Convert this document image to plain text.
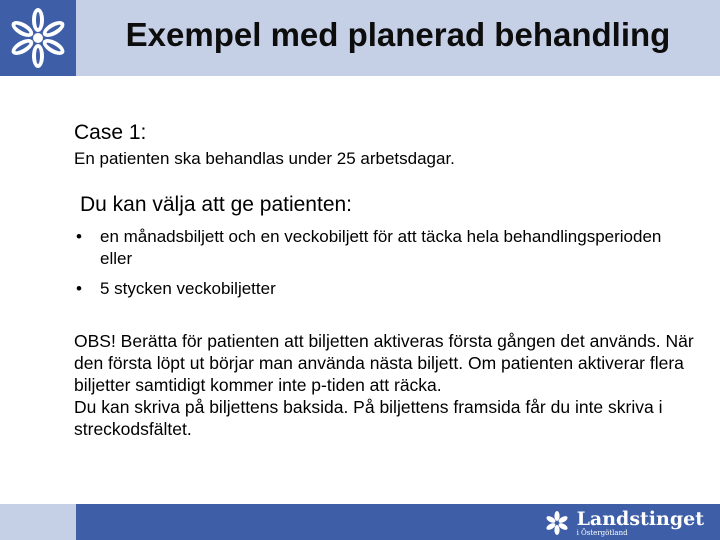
Exempel med planerad behandling

Case 1:

En patienten ska behandlas under 25 arbetsdagar.

Du kan välja att ge patienten:

• en månadsbiljett och en veckobiljett för att täcka hela behandlingsperioden eller
• 5 stycken veckobiljetter

OBS! Berätta för patienten att biljetten aktiveras första gången det används. När den första löpt ut börjar man använda nästa biljett. Om patienten aktiverar flera biljetter samtidigt kommer inte p-tiden att räcka.

Du kan skriva på biljettens baksida. På biljettens framsida får du inte skriva i streckodsfältet.

Landstinget
i Östergötland
